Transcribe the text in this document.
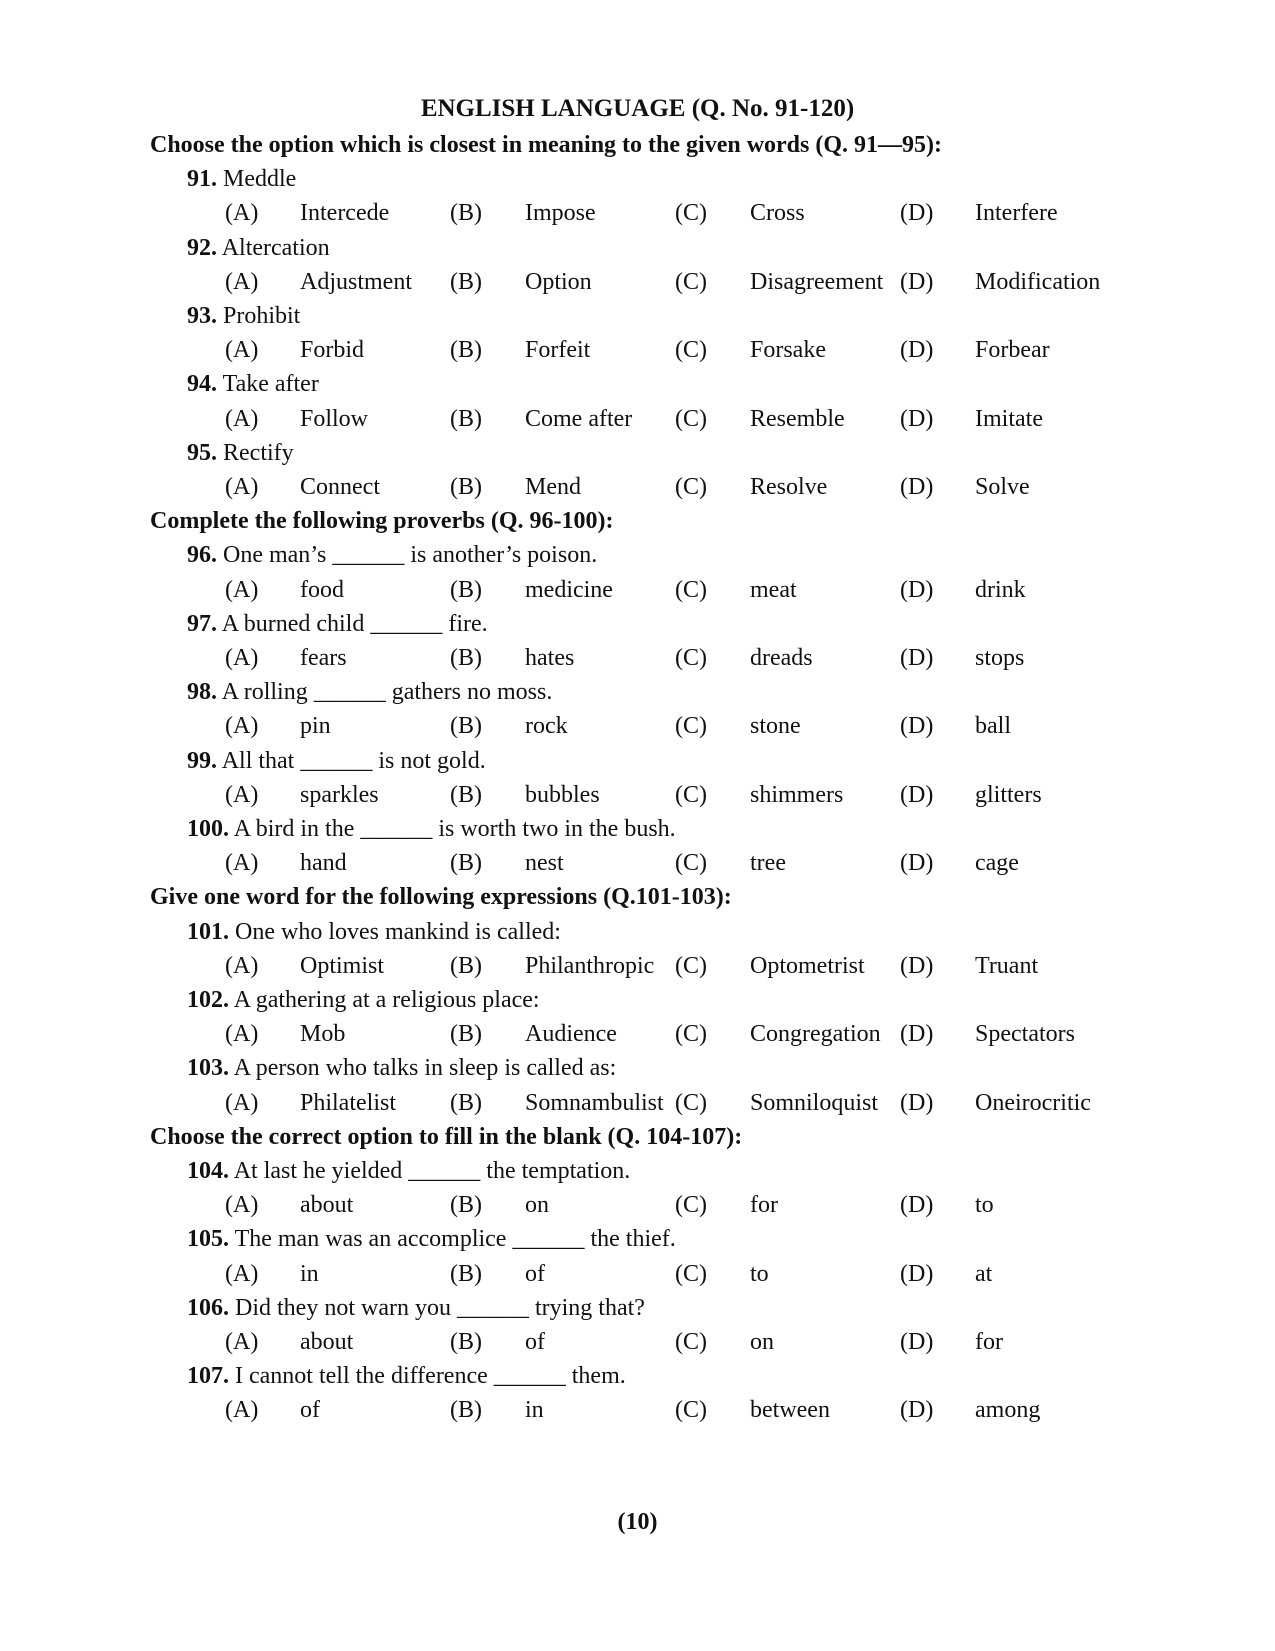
ENGLISH LANGUAGE (Q. No. 91-120)
Choose the option which is closest in meaning to the given words (Q. 91—95):
91. Meddle
(A) Intercede	(B) Impose	(C) Cross	(D) Interfere
92. Altercation
(A) Adjustment (B) Option	(C) Disagreement (D) Modification
93. Prohibit
(A) Forbid	(B) Forfeit	(C) Forsake	(D) Forbear
94. Take after
(A) Follow	(B) Come after (C) Resemble (D) Imitate
95. Rectify
(A) Connect	(B) Mend	(C) Resolve	(D) Solve
Complete the following proverbs (Q. 96-100):
96. One man’s ______ is another’s poison.
(A) food	(B) medicine	(C) meat	(D) drink
97. A burned child ______ fire.
(A) fears	(B) hates	(C) dreads	(D) stops
98. A rolling ______ gathers no moss.
(A) pin	(B) rock	(C) stone	(D) ball
99. All that ______ is not gold.
(A) sparkles	(B) bubbles	(C) shimmers (D) glitters
100. A bird in the ______ is worth two in the bush.
(A) hand	(B) nest	(C) tree	(D) cage
Give one word for the following expressions (Q.101-103):
101. One who loves mankind is called:
(A) Optimist	(B) Philanthropic (C) Optometrist (D) Truant
102. A gathering at a religious place:
(A) Mob	(B) Audience (C) Congregation (D) Spectators
103. A person who talks in sleep is called as:
(A) Philatelist (B) Somnambulist (C) Somniloquist (D) Oneirocritic
Choose the correct option to fill in the blank (Q. 104-107):
104. At last he yielded ______ the temptation.
(A) about	(B) on	(C) for	(D) to
105. The man was an accomplice ______ the thief.
(A) in	(B) of	(C) to	(D) at
106. Did they not warn you ______ trying that?
(A) about	(B) of	(C) on	(D) for
107. I cannot tell the difference ______ them.
(A) of	(B) in	(C) between	(D) among
(10)
